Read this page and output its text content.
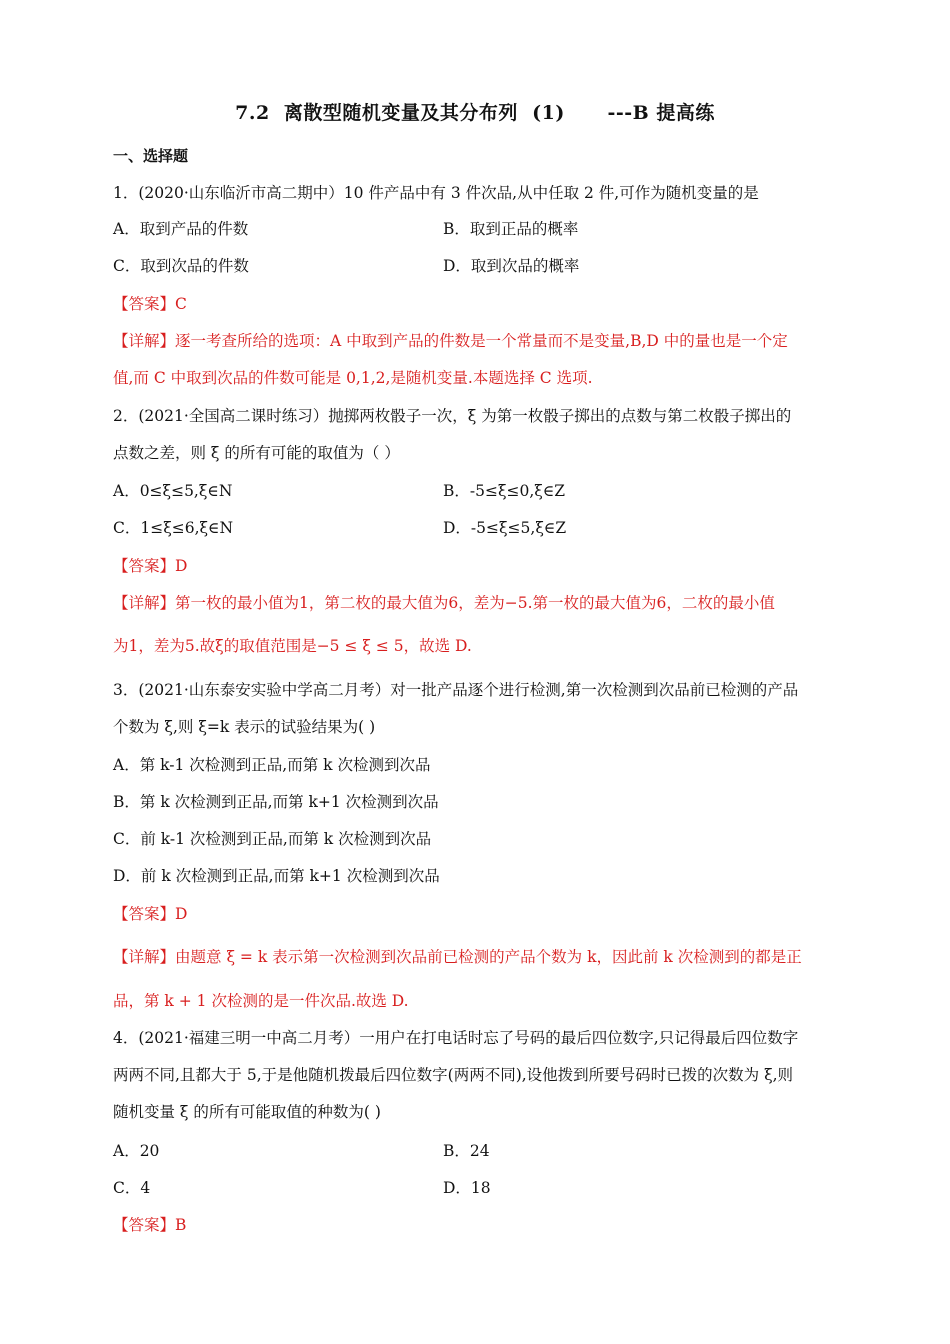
7.2  离散型随机变量及其分布列  (1)      ---B 提高练
一、选择题
1．(2020·山东临沂市高二期中）10 件产品中有 3 件次品,从中任取 2 件,可作为随机变量的是
A．取到产品的件数	B．取到正品的概率
C．取到次品的件数	D．取到次品的概率
【答案】C
【详解】逐一考查所给的选项：A 中取到产品的件数是一个常量而不是变量,B,D 中的量也是一个定
值,而 C 中取到次品的件数可能是 0,1,2,是随机变量.本题选择 C 选项.
2．(2021·全国高二课时练习）抛掷两枚骰子一次，ξ 为第一枚骰子掷出的点数与第二枚骰子掷出的
点数之差，则 ξ 的所有可能的取值为（ ）
A．0≤ξ≤5,ξ∈N	B．-5≤ξ≤0,ξ∈Z
C．1≤ξ≤6,ξ∈N	D．-5≤ξ≤5,ξ∈Z
【答案】D
【详解】第一枚的最小值为1，第二枚的最大值为6，差为−5.第一枚的最大值为6，二枚的最小值
为1，差为5.故ξ的取值范围是−5 ≤ ξ ≤ 5，故选 D.
3．(2021·山东泰安实验中学高二月考）对一批产品逐个进行检测,第一次检测到次品前已检测的产品
个数为 ξ,则 ξ=k 表示的试验结果为( )
A．第 k-1 次检测到正品,而第 k 次检测到次品
B．第 k 次检测到正品,而第 k+1 次检测到次品
C．前 k-1 次检测到正品,而第 k 次检测到次品
D．前 k 次检测到正品,而第 k+1 次检测到次品
【答案】D
【详解】由题意 ξ = k 表示第一次检测到次品前已检测的产品个数为 k，因此前 k 次检测到的都是正
品，第 k + 1 次检测的是一件次品.故选 D.
4．(2021·福建三明一中高二月考）一用户在打电话时忘了号码的最后四位数字,只记得最后四位数字
两两不同,且都大于 5,于是他随机拨最后四位数字(两两不同),设他拨到所要号码时已拨的次数为 ξ,则
随机变量 ξ 的所有可能取值的种数为( )
A．20	B．24
C．4	D．18
【答案】B
